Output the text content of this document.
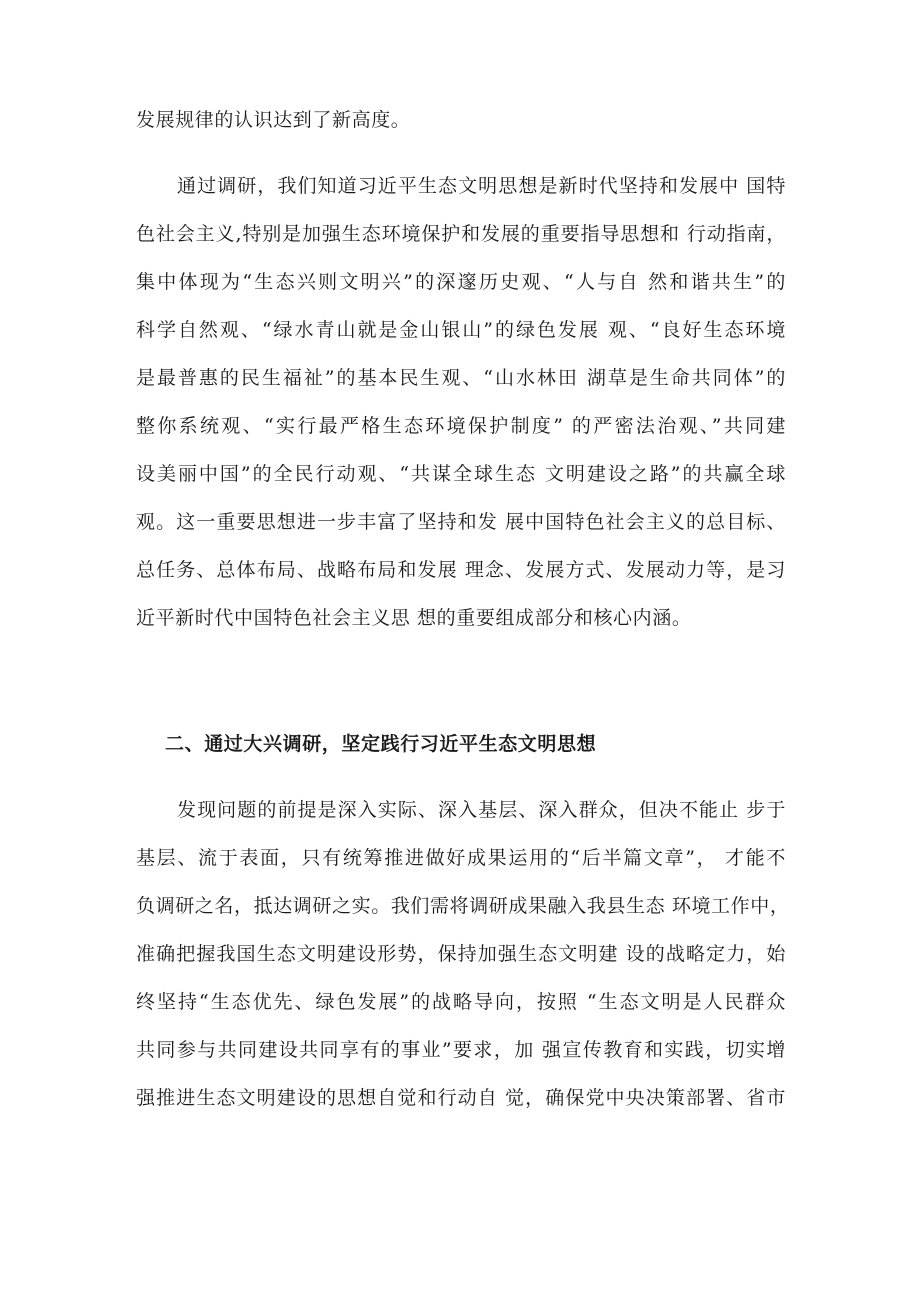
发展规律的认识达到了新高度。
通过调研，我们知道习近平生态文明思想是新时代坚持和发展中 国特
色社会主义,特别是加强生态环境保护和发展的重要指导思想和 行动指南，
集中体现为“生态兴则文明兴”的深邃历史观、“人与自 然和谐共生”的
科学自然观、“绿水青山就是金山银山”的绿色发展 观、“良好生态环境
是最普惠的民生福祉”的基本民生观、“山水林田 湖草是生命共同体”的
整你系统观、“实行最严格生态环境保护制度” 的严密法治观、”共同建
设美丽中国”的全民行动观、“共谋全球生态 文明建设之路”的共赢全球
观。这一重要思想进一步丰富了坚持和发 展中国特色社会主义的总目标、
总任务、总体布局、战略布局和发展 理念、发展方式、发展动力等，是习
近平新时代中国特色社会主义思 想的重要组成部分和核心内涵。
二、通过大兴调研，坚定践行习近平生态文明思想
发现问题的前提是深入实际、深入基层、深入群众，但决不能止 步于
基层、流于表面，只有统筹推进做好成果运用的“后半篇文章”， 才能不
负调研之名，抵达调研之实。我们需将调研成果融入我县生态 环境工作中，
准确把握我国生态文明建设形势，保持加强生态文明建 设的战略定力，始
终坚持“生态优先、绿色发展”的战略导向，按照 “生态文明是人民群众
共同参与共同建设共同享有的事业”要求，加 强宣传教育和实践，切实增
强推进生态文明建设的思想自觉和行动自 觉，确保党中央决策部署、省市
